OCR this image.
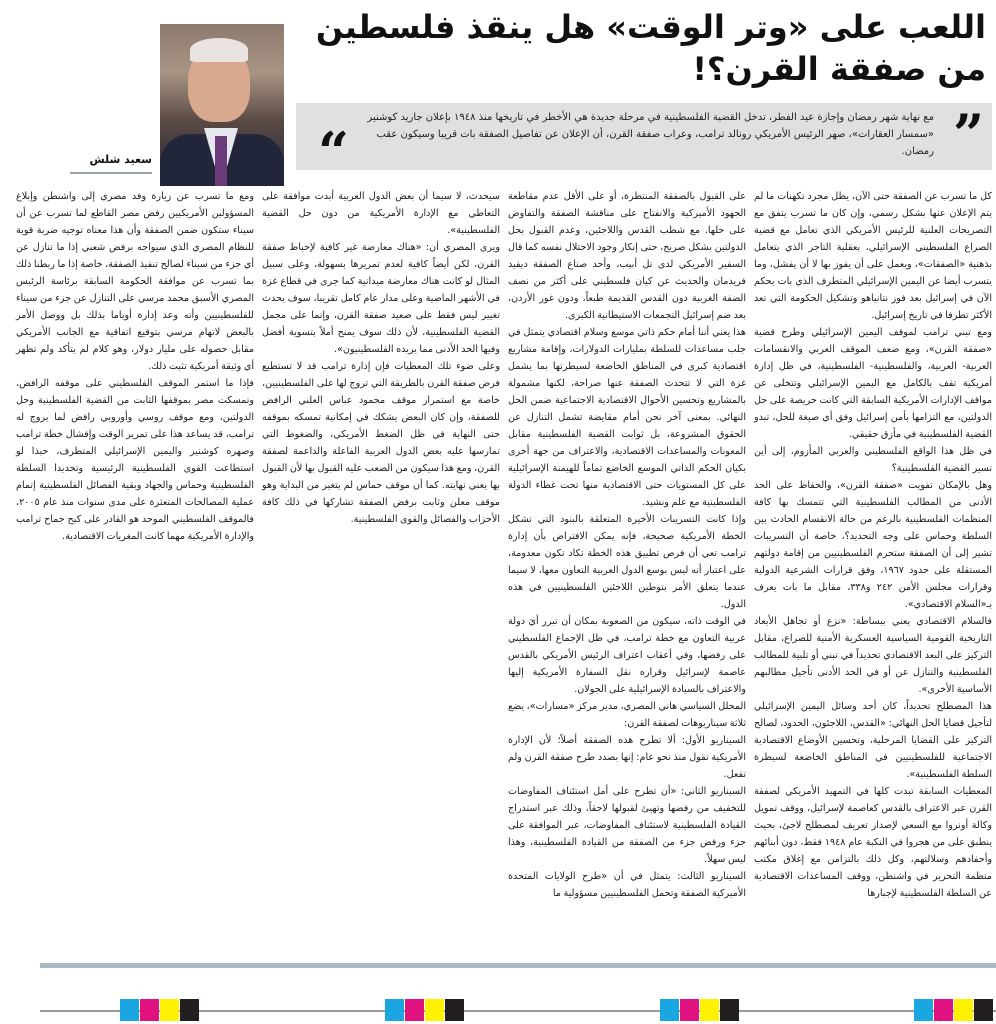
اللعب على «وتر الوقت» هل ينقذ فلسطين من صفقة القرن؟!
سعيد شلش	”
مع نهاية شهر رمضان وإجازة عيد الفطر، تدخل القضية الفلسطينية في مرحلة جديدة هي الأخطر في تاريخها منذ ١٩٤٨ بإعلان جاريد كوشنير «سمسار العقارات»، صهر الرئيس الأمريكي رونالد ترامب، وعراب صفقة القرن، أن الإعلان عن تفاصيل الصفقة بات قريبا وسيكون عقب رمضان.
“

كل ما تسرب عن الصفقة حتى الآن، يظل مجرد تكهنات ما لم يتم الإعلان عنها بشكل رسمي، وإن كان ما تسرب يتفق مع التصريحات العلنية للرئيس الأمريكي الذي تعامل مع قضية الصراع الفلسطيني الإسرائيلي، بعقلية التاجر الذي يتعامل بذهنية «الصفقات»، ويعمل على أن يفوز بها لا أن يفشل، وما يتسرب أيضا عن اليمين الإسرائيلي المتطرف الذي بات يحكم الآن في إسرائيل بعد فوز نتانياهو وتشكيل الحكومة التي تعد الأكثر تطرفا في تاريخ إسرائيل.

ومع تبني ترامب لموقف اليمين الإسرائيلي وطرح قضية «صفقة القرن»، ومع ضعف الموقف العربي والانقسامات العربية- العربية، والفلسطينية- الفلسطينية، في ظل إدارة أمريكية تقف بالكامل مع اليمين الإسرائيلي وتتخلى عن مواقف الإدارات الأمريكية السابقة التي كانت حريصة على حل الدولتين، مع التزامها بأمن إسرائيل وفق أي صيغة للحل، تبدو القضية الفلسطينية في مأزق حقيقي.

في ظل هذا الواقع الفلسطيني والعربي المأزوم، إلى أين تسير القضية الفلسطينية؟

وهل بالإمكان تفويت «صفقة القرن»، والحفاظ على الحد الأدنى من المطالب الفلسطينية التي تتمسك بها كافة المنظمات الفلسطينية بالرغم من حالة الانقسام الحادث بين السلطة وحماس على وجه التحديد؟، خاصة أن التسريبات تشير إلى أن الصفقة ستحرم الفلسطينيين من إقامة دولتهم المستقلة على حدود ١٩٦٧، وفق قرارات الشرعية الدولية وقرارات مجلس الأمن ٢٤٢ و٣٣٨، مقابل ما بات يعرف بـ«السلام الاقتصادي».

فالسلام الاقتصادي يعني ببساطة: «نزع أو تجاهل الأبعاد التاريخية القومية السياسية العسكرية الأمنية للصراع، مقابل التركيز على البعد الاقتصادي تحديداً في تبني أو تلبية للمطالب الفلسطينية والتنازل عن أو في الحد الأدنى تأجيل مطالبهم الأساسية الأخرى».

هذا المصطلح تحديداً، كان أحد وسائل اليمين الإسرائيلي لتأجيل قضايا الحل النهائي: «القدس، اللاجئون، الحدود، لصالح التركيز على القضايا المرحلية، وتحسين الأوضاع الاقتصادية الاجتماعية للفلسطينيين في المناطق الخاضعة لسيطرة السلطة الفلسطينية».

المعطيات السابقة تبدت كلها في التمهيد الأمريكي لصفقة القرن عبر الاعتراف بالقدس كعاصمة لإسرائيل، ووقف تمويل وكالة أونروا مع السعي لإصدار تعريف لمصطلح لاجئ، بحيث ينطبق على من هجروا في النكبة عام ١٩٤٨ فقط، دون أبنائهم وأحفادهم وسلالتهم، وكل ذلك بالتزامن مع إغلاق مكتب منظمة التحرير في واشنطن، ووقف المساعدات الاقتصادية عن السلطة الفلسطينية لإجبارها

على القبول بالصفقة المنتظرة، أو على الأقل عدم مقاطعة الجهود الأميركية والانفتاح على مناقشة الصفقة والتفاوض على حلها. مع شطب القدس واللاجئين، وعدم القبول بحل الدولتين بشكل صريح، حتى إنكار وجود الاحتلال نفسه كما قال السفير الأمريكي لدى تل أبيب، وأحد صناع الصفقة ديفيد فريدمان والحديث عن كيان فلسطيني على أكثر من نصف الضفة الغربية دون القدس القديمة طبعاً، ودون غور الأردن، بعد ضم إسرائيل التجمعات الاستيطانية الكبرى.

هذا يعني أننا أمام حكم ذاتي موسع وسلام اقتصادي يتمثل في جلب مساعدات للسلطة بمليارات الدولارات، وإقامة مشاريع اقتصادية كبرى في المناطق الخاضعة لسيطرتها بما يشمل غزة التي لا تتحدث الصفقة عنها صراحة، لكنها مشمولة بالمشاريع وتحسين الأحوال الاقتصادية الاجتماعية ضمن الحل النهائي. بمعنى آخر نحن أمام مقايضة تشمل التنازل عن الحقوق المشروعة، بل ثوابت القضية الفلسطينية مقابل المعونات والمساعدات الاقتصادية، والاعتراف من جهة أخرى بكيان الحكم الذاتي الموسع الخاضع تماماً للهيمنة الإسرائيلية على كل المستويات حتى الاقتصادية منها تحت غطاء الدولة الفلسطينية مع علم ونشيد.

وإذا كانت التسريبات الأخيرة المتعلقة بالبنود التي تشكل الخطة الأمريكية صحيحة، فإنه يمكن الافتراض بأن إدارة ترامب تعي أن فرص تطبيق هذه الخطة تكاد تكون معدومة، على اعتبار أنه ليس بوسع الدول العربية التعاون معها، لا سيما عندما يتعلق الأمر بتوطين اللاجئين الفلسطينيين في هذه الدول.

في الوقت ذاته، سيكون من الصعوبة بمكان أن تبرر أيَ دولة عربية التعاون مع خطة ترامب، في ظل الإجماع الفلسطيني على رفضها، وفي أعقاب اعتراف الرئيس الأمريكي بالقدس عاصمة لإسرائيل وقراره نقل السفارة الأمريكية إليها والاعتراف بالسيادة الإسرائيلية على الجولان.

المحلل السياسي هاني المصري، مدير مركز «مسارات»، يضع ثلاثة سيناريوهات لصفقة القرن:

السيناريو الأول: ألا تطرح هذه الصفقة أصلاً؛ لأن الإدارة الأمريكية تقول منذ نحو عام: إنها بصدد طرح صفقة القرن ولم تفعل.

السيناريو الثاني: «أن تطرح على أمل استئناف المفاوضات للتخفيف من رفضها وتهيئ لقبولها لاحقاً، وذلك عبر استدراج القيادة الفلسطينية لاستئناف المفاوضات، عبر الموافقة على جزء ورفض جزء من الصفقة من القيادة الفلسطينية، وهذا ليس سهلاً.

السيناريو الثالث: يتمثل في أن «طرح الولايات المتحدة الأميركية الصفقة وتحمل الفلسطينيين مسؤولية ما

سيحدث، لا سيما أن بعض الدول العربية أبدت موافقة على التعاطي مع الإدارة الأمريكية من دون حل القضية الفلسطينية».

ويرى المصري أن: «هناك معارضة غير كافية لإحباط صفقة القرن، لكن أيضاً كافية لعدم تمريرها بسهولة، وعلى سبيل المثال لو كانت هناك معارضة ميدانية كما جرى في قطاع غزة في الأشهر الماضية وعلى مدار عام كامل تقريبا، سوف يحدث تغيير ليس فقط على صعيد صفقة القرن، وإنما على مجمل القضية الفلسطينية، لأن ذلك سوف يمنح أملاً بتسوية أفضل وفيها الحد الأدنى مما يريده الفلسطينيون».

وعلى ضوء تلك المعطيات فإن إدارة ترامب قد لا تستطيع فرض صفقة القرن بالطريقة التي تروج لها على الفلسطينيين، خاصة مع استمرار موقف محمود عباس العلني الرافض للصفقة، وإن كان البعض يشكك في إمكانية تمسكه بموقفه حتى النهاية في ظل الضغط الأمريكي، والضغوط التي تمارسها عليه بعض الدول العربية الفاعلة والداعمة لصفقة القرن، ومع هذا سيكون من الصعب عليه القبول بها لأن القبول بها يعني نهايته. كما أن موقف حماس لم يتغير من البداية وهو موقف معلن وثابت برفض الصفقة تشاركها في ذلك كافة الأحزاب والفصائل والقوى الفلسطينية.

ومع ما تسرب عن زيارة وفد مصري إلى واشنطن وإبلاغ المسؤولين الأمريكيين رفض مصر القاطع لما تسرب عن أن سيناء ستكون ضمن الصفقة وأن هذا معناه توجيه ضربة قوية للنظام المصري الذي سيواجه برفض شعبي إذا ما تنازل عن أي جزء من سيناء لصالح تنفيذ الصفقة، خاصة إذا ما ربطنا ذلك بما تسرب عن موافقة الحكومة السابقة برئاسة الرئيس المصري الأسبق محمد مرسي على التنازل عن جزء من سيناء للفلسطينيين وأنه وعد إدارة أوباما بذلك بل ووصل الأمر بالبعض لاتهام مرسي بتوقيع اتفاقية مع الجانب الأمريكي مقابل حصوله على مليار دولار، وهو كلام لم يتأكد ولم تظهر أي وثيقة أمريكية تثبت ذلك.

فإذا ما استمر الموقف الفلسطيني على موقفه الرافض، وتمسكت مصر بموقفها الثابت من القضية الفلسطينية وحل الدولتين، ومع موقف روسي وأوروبي رافض لما يروج له ترامب، قد يساعد هذا على تمرير الوقت وإفشال خطة ترامب وصهره كوشنير واليمين الإسرائيلي المتطرف، حبذا لو استطاعت القوى الفلسطينية الرئيسية وتحديدا السلطة الفلسطينية وحماس والجهاد وبقية الفصائل الفلسطينية إتمام عملية المصالحات المتعثرة على مدى سنوات منذ عام ٢٠٠٥، فالموقف الفلسطيني الموحد هو القادر على كبح جماح ترامب والإدارة الأمريكية مهما كانت المغريات الاقتصادية.
